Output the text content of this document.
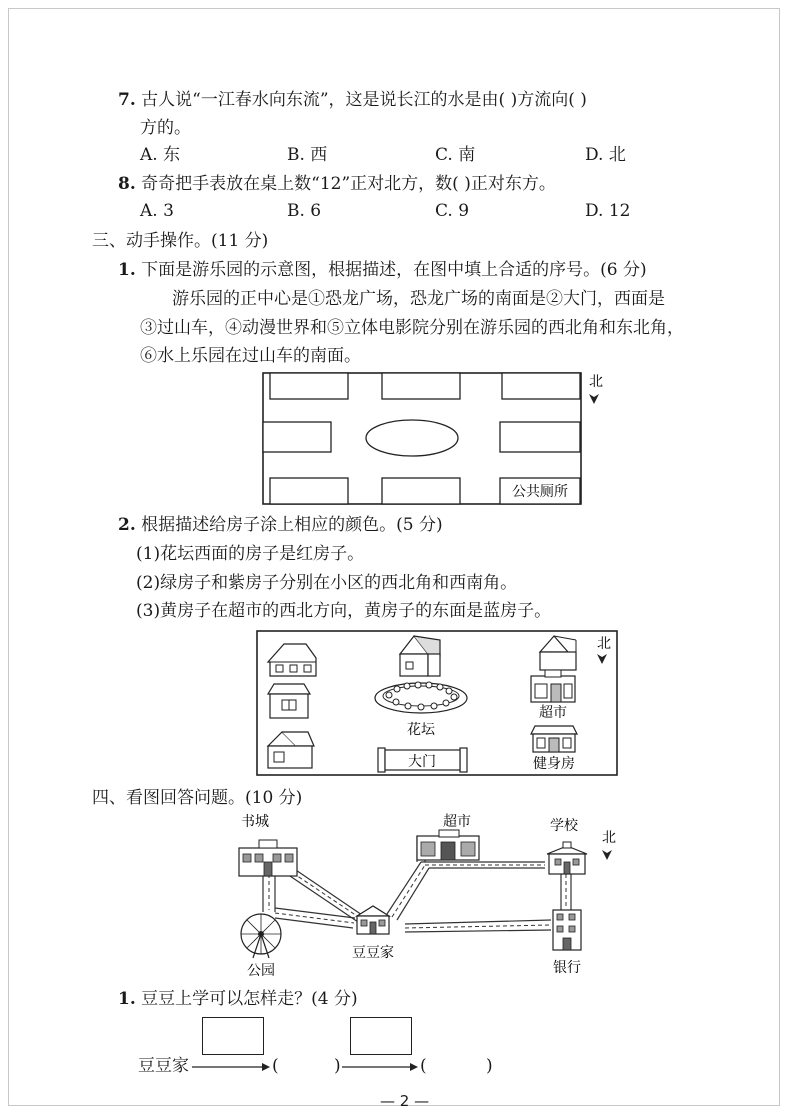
7. 古人说“一江春水向东流”，这是说长江的水是由( )方流向( )
方的。
A. 东	B. 西	C. 南	D. 北
8. 奇奇把手表放在桌上数“12”正对北方，数( )正对东方。
A. 3	B. 6	C. 9	D. 12
三、动手操作。(11 分)
1. 下面是游乐园的示意图，根据描述，在图中填上合适的序号。(6 分)
游乐园的正中心是①恐龙广场，恐龙广场的南面是②大门，西面是
③过山车，④动漫世界和⑤立体电影院分别在游乐园的西北角和东北角，
⑥水上乐园在过山车的南面。
公共厕所
北
2. 根据描述给房子涂上相应的颜色。(5 分)
(1)花坛西面的房子是红房子。
(2)绿房子和紫房子分别在小区的西北角和西南角。
(3)黄房子在超市的西北方向，黄房子的东面是蓝房子。
北
花坛
超市
大门	健身房
四、看图回答问题。(10 分)
书城	超市	学校
北
公园
豆豆家
银行
1. 豆豆上学可以怎样走？(4 分)
豆豆家	(	)	(	)
— 2 —
